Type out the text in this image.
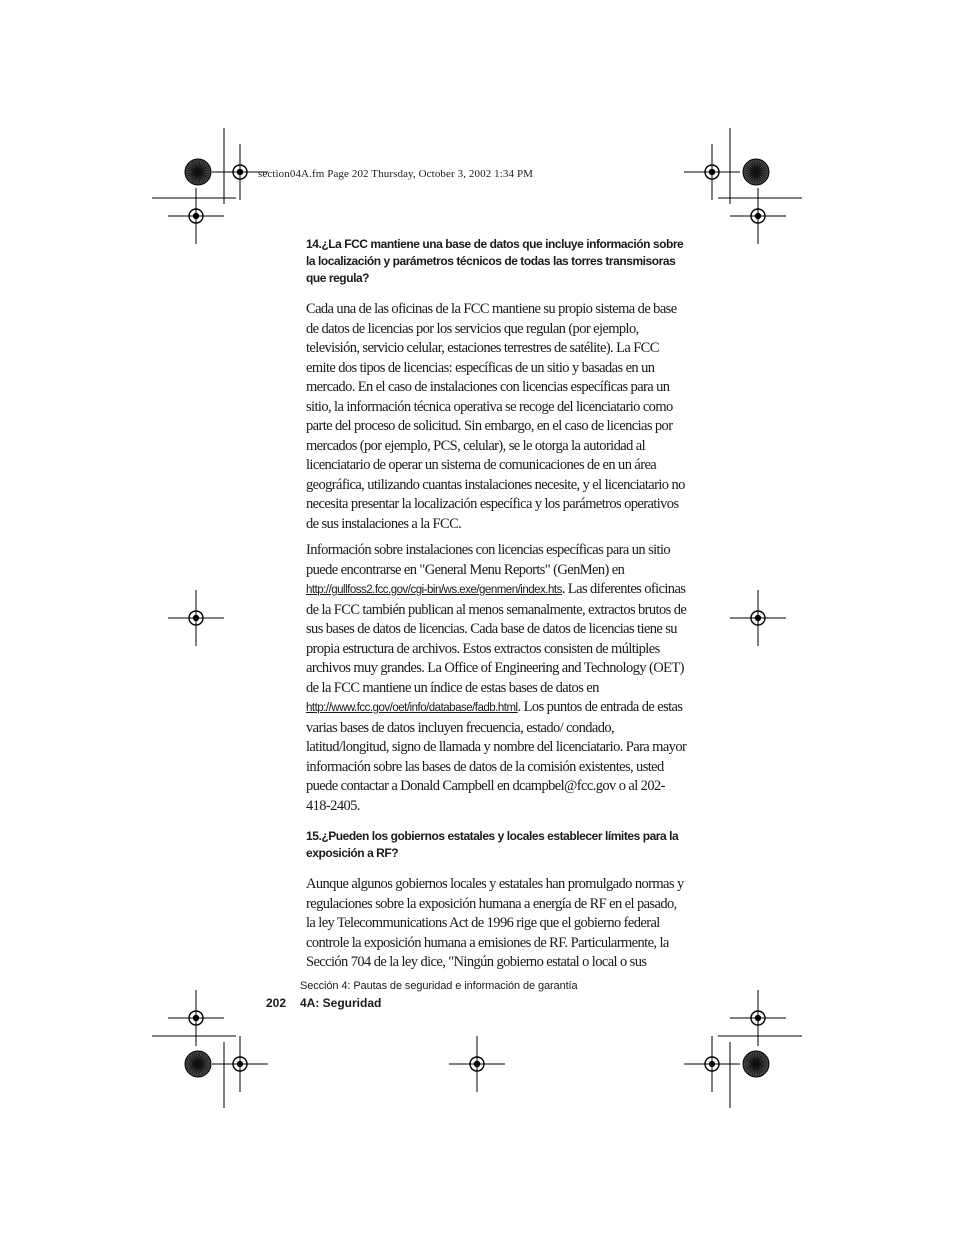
section04A.fm Page 202 Thursday, October 3, 2002 1:34 PM
14.¿La FCC mantiene una base de datos que incluye información sobre la localización y parámetros técnicos de todas las torres transmisoras que regula?

Cada una de las oficinas de la FCC mantiene su propio sistema de base de datos de licencias por los servicios que regulan (por ejemplo, televisión, servicio celular, estaciones terrestres de satélite). La FCC emite dos tipos de licencias: específicas de un sitio y basadas en un mercado. En el caso de instalaciones con licencias específicas para un sitio, la información técnica operativa se recoge del licenciatario como parte del proceso de solicitud. Sin embargo, en el caso de licencias por mercados (por ejemplo, PCS, celular), se le otorga la autoridad al licenciatario de operar un sistema de comunicaciones de en un área geográfica, utilizando cuantas instalaciones necesite, y el licenciatario no necesita presentar la localización específica y los parámetros operativos de sus instalaciones a la FCC.

Información sobre instalaciones con licencias específicas para un sitio puede encontrarse en "General Menu Reports" (GenMen) en http://gullfoss2.fcc.gov/cgi-bin/ws.exe/genmen/index.hts. Las diferentes oficinas de la FCC también publican al menos semanalmente, extractos brutos de sus bases de datos de licencias. Cada base de datos de licencias tiene su propia estructura de archivos. Estos extractos consisten de múltiples archivos muy grandes. La Office of Engineering and Technology (OET) de la FCC mantiene un índice de estas bases de datos en http://www.fcc.gov/oet/info/database/fadb.html. Los puntos de entrada de estas varias bases de datos incluyen frecuencia, estado/ condado, latitud/longitud, signo de llamada y nombre del licenciatario. Para mayor información sobre las bases de datos de la comisión existentes, usted puede contactar a Donald Campbell en dcampbel@fcc.gov o al 202-418-2405.

15.¿Pueden los gobiernos estatales y locales establecer límites para la exposición a RF?

Aunque algunos gobiernos locales y estatales han promulgado normas y regulaciones sobre la exposición humana a energía de RF en el pasado, la ley Telecommunications Act de 1996 rige que el gobierno federal controle la exposición humana a emisiones de RF. Particularmente, la Sección 704 de la ley dice, "Ningún gobierno estatal o local o sus

Sección 4: Pautas de seguridad e información de garantía
202 4A: Seguridad
